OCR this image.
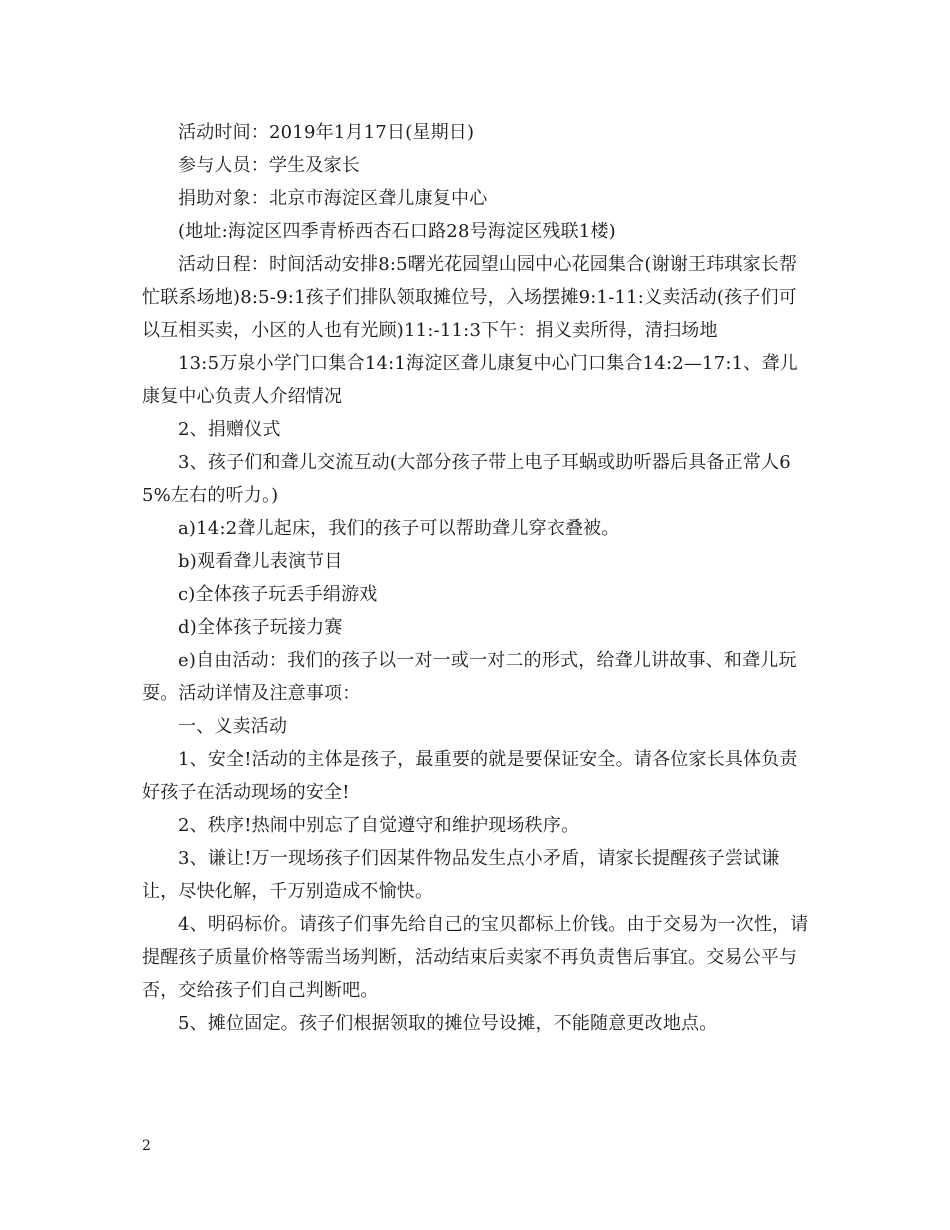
活动时间：2019年1月17日(星期日)

参与人员：学生及家长

捐助对象：北京市海淀区聋儿康复中心

(地址:海淀区四季青桥西杏石口路28号海淀区残联1楼)

活动日程：时间活动安排8:5曙光花园望山园中心花园集合(谢谢王玮琪家长帮忙联系场地)8:5-9:1孩子们排队领取摊位号，入场摆摊9:1-11:义卖活动(孩子们可以互相买卖，小区的人也有光顾)11:-11:3下午：捐义卖所得，清扫场地

13:5万泉小学门口集合14:1海淀区聋儿康复中心门口集合14:2—17:1、聋儿康复中心负责人介绍情况

2、捐赠仪式

3、孩子们和聋儿交流互动(大部分孩子带上电子耳蜗或助听器后具备正常人65%左右的听力。)

a)14:2聋儿起床，我们的孩子可以帮助聋儿穿衣叠被。

b)观看聋儿表演节目

c)全体孩子玩丢手绢游戏

d)全体孩子玩接力赛

e)自由活动：我们的孩子以一对一或一对二的形式，给聋儿讲故事、和聋儿玩耍。活动详情及注意事项：

一、义卖活动

1、安全!活动的主体是孩子，最重要的就是要保证安全。请各位家长具体负责好孩子在活动现场的安全!

2、秩序!热闹中别忘了自觉遵守和维护现场秩序。

3、谦让!万一现场孩子们因某件物品发生点小矛盾，请家长提醒孩子尝试谦让，尽快化解，千万别造成不愉快。

4、明码标价。请孩子们事先给自己的宝贝都标上价钱。由于交易为一次性，请提醒孩子质量价格等需当场判断，活动结束后卖家不再负责售后事宜。交易公平与否，交给孩子们自己判断吧。

5、摊位固定。孩子们根据领取的摊位号设摊，不能随意更改地点。

2
